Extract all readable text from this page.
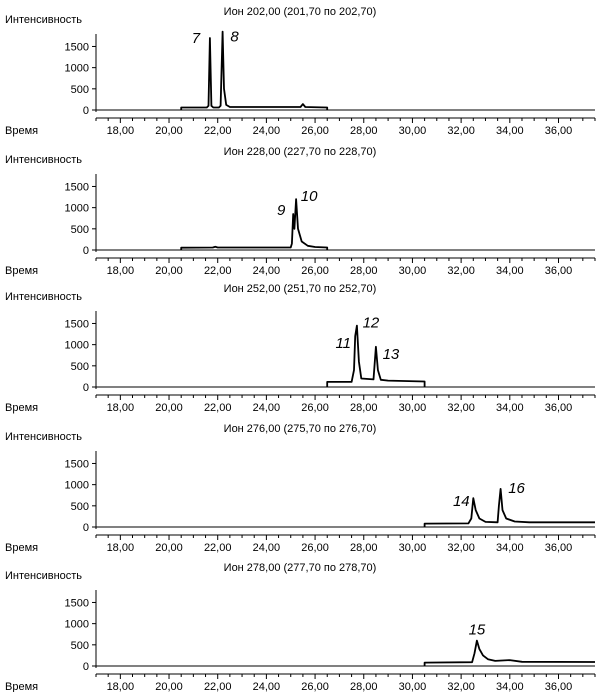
Ион 202,00 (201,70 по 202,70)
Интенсивность
0
500
1000
1500
18,00 20,00 22,00 24,00 26,00 28,00 30,00 32,00 34,00 36,00
Время
7 8
Ион 228,00 (227,70 по 228,70)
Интенсивность
0
500
1000
1500
18,00 20,00 22,00 24,00 26,00 28,00 30,00 32,00 34,00 36,00
Время
9
10
Ион 252,00 (251,70 по 252,70)
Интенсивность
0
500
1000
1500
18,00 20,00 22,00 24,00 26,00 28,00 30,00 32,00 34,00 36,00
Время
11
12
13
Ион 276,00 (275,70 по 276,70)
Интенсивность
0
500
1000
1500
18,00 20,00 22,00 24,00 26,00 28,00 30,00 32,00 34,00 36,00
Время
14
16
Ион 278,00 (277,70 по 278,70)
Интенсивность
0
500
1000
1500
18,00 20,00 22,00 24,00 26,00 28,00 30,00 32,00 34,00 36,00
Время
15
